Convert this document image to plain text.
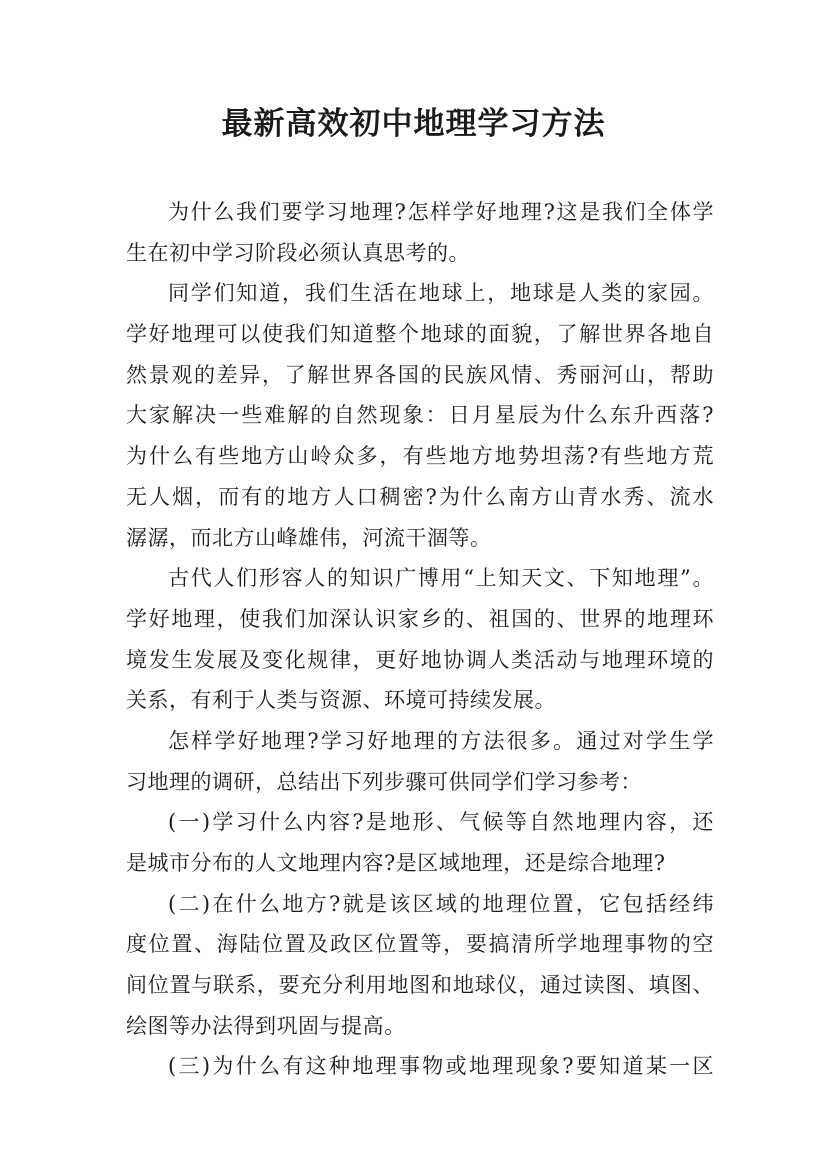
最新高效初中地理学习方法
为什么我们要学习地理?怎样学好地理?这是我们全体学
生在初中学习阶段必须认真思考的。
同学们知道，我们生活在地球上，地球是人类的家园。
学好地理可以使我们知道整个地球的面貌，了解世界各地自
然景观的差异，了解世界各国的民族风情、秀丽河山，帮助
大家解决一些难解的自然现象：日月星辰为什么东升西落?
为什么有些地方山岭众多，有些地方地势坦荡?有些地方荒
无人烟，而有的地方人口稠密?为什么南方山青水秀、流水
潺潺，而北方山峰雄伟，河流干涸等。
古代人们形容人的知识广博用“上知天文、下知地理”。
学好地理，使我们加深认识家乡的、祖国的、世界的地理环
境发生发展及变化规律，更好地协调人类活动与地理环境的
关系，有利于人类与资源、环境可持续发展。
怎样学好地理?学习好地理的方法很多。通过对学生学
习地理的调研，总结出下列步骤可供同学们学习参考：
(一)学习什么内容?是地形、气候等自然地理内容，还
是城市分布的人文地理内容?是区域地理，还是综合地理?
(二)在什么地方?就是该区域的地理位置，它包括经纬
度位置、海陆位置及政区位置等，要搞清所学地理事物的空
间位置与联系，要充分利用地图和地球仪，通过读图、填图、
绘图等办法得到巩固与提高。
(三)为什么有这种地理事物或地理现象?要知道某一区
